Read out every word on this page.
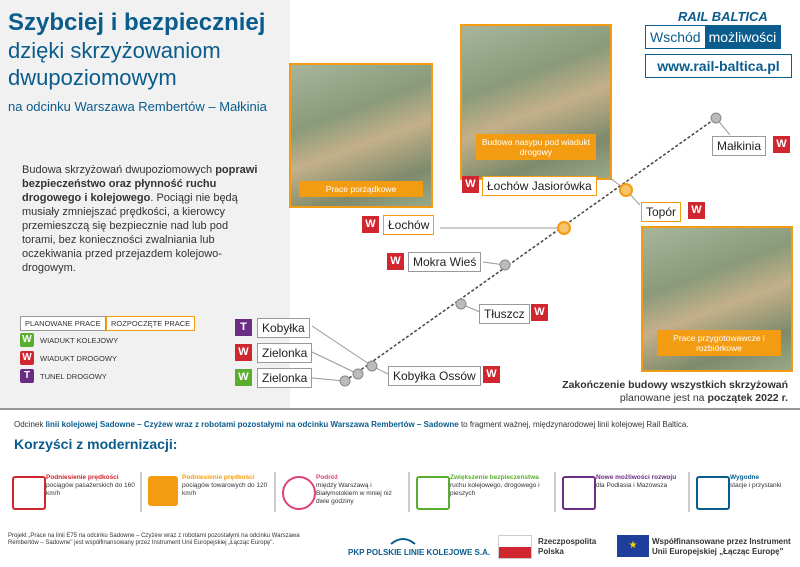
Szybciej i bezpieczniej
dzięki skrzyżowaniom
dwupoziomowym
na odcinku Warszawa Rembertów – Małkinia
Budowa skrzyżowań dwupoziomowych poprawi bezpieczeństwo oraz płynność ruchu drogowego i kolejowego. Pociągi nie będą musiały zmniejszać prędkości, a kierowcy przemieszczą się bezpiecznie nad lub pod torami, bez konieczności zwalniania lub oczekiwania przed przejazdem kolejowo-drogowym.
PLANOWANE PRACE	ROZPOCZĘTE PRACE
W	WIADUKT KOLEJOWY
W	WIADUKT DROGOWY
T	TUNEL DROGOWY
RAIL BALTICA
Wschód możliwości
www.rail-baltica.pl
Prace porządkowe
Budowa nasypu pod wiadukt drogowy
Prace przygotowawcze i rozbiórkowe
Małkinia	W
W Łochów Jasiorówka
Topór	W
W	Łochów
W	Mokra Wieś
Tłuszcz W
T	Kobyłka
W	Zielonka
W	Zielonka	Kobyłka Ossów W
Zakończenie budowy wszystkich skrzyżowań
planowane jest na początek 2022 r.
Odcinek linii kolejowej Sadowne – Czyżew wraz z robotami pozostałymi na odcinku Warszawa Rembertów – Sadowne to fragment ważnej, międzynarodowej linii kolejowej Rail Baltica.
Korzyści z modernizacji:
Podniesienie prędkości
pociągów pasażerskich do 160 km/h
Podniesienie prędkości
pociągów towarowych do 120 km/h
Podróż
między Warszawą i Białymstokiem w mniej niż dwie godziny
Zwiększenie bezpieczeństwa
ruchu kolejowego, drogowego i pieszych
Nowe możliwości rozwoju
dla Podlasia i Mazowsza
Wygodne
stacje i przystanki
Projekt „Prace na linii E75 na odcinku Sadowne – Czyżew wraz z robotami pozostałymi na odcinku Warszawa Rembertów – Sadowne" jest współfinansowany przez Instrument Unii Europejskiej „Łącząc Europę".
PKP POLSKIE LINIE KOLEJOWE S.A.
Rzeczpospolita
Polska
★	Współfinansowane przez Instrument
Unii Europejskiej „Łącząc Europę"
